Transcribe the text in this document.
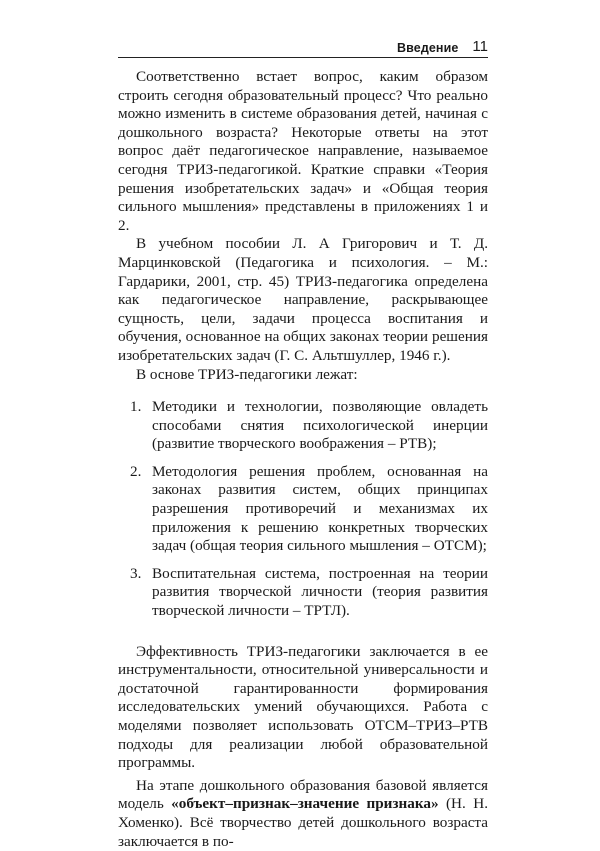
Введение 11

Соответственно встает вопрос, каким образом строить сегодня образовательный процесс? Что реально можно изменить в системе образования детей, начиная с дошкольного возраста? Некоторые ответы на этот вопрос даёт педагогическое направление, называемое сегодня ТРИЗ-педагогикой. Краткие справки «Теория решения изобретательских задач» и «Общая теория сильного мышления» представлены в приложениях 1 и 2.

В учебном пособии Л. А Григорович и Т. Д. Марцинковской (Педагогика и психология. – М.: Гардарики, 2001, стр. 45) ТРИЗ-педагогика определена как педагогическое направление, раскрывающее сущность, цели, задачи процесса воспитания и обучения, основанное на общих законах теории решения изобретательских задач (Г. С. Альтшуллер, 1946 г.).

В основе ТРИЗ-педагогики лежат:

1. Методики и технологии, позволяющие овладеть способами снятия психологической инерции (развитие творческого воображения – РТВ);
2. Методология решения проблем, основанная на законах развития систем, общих принципах разрешения противоречий и механизмах их приложения к решению конкретных творческих задач (общая теория сильного мышления – ОТСМ);
3. Воспитательная система, построенная на теории развития творческой личности (теория развития творческой личности – ТРТЛ).

Эффективность ТРИЗ-педагогики заключается в ее инструментальности, относительной универсальности и достаточной гарантированности формирования исследовательских умений обучающихся. Работа с моделями позволяет использовать ОТСМ–ТРИЗ–РТВ подходы для реализации любой образовательной программы.

На этапе дошкольного образования базовой является модель «объект–признак–значение признака» (Н. Н. Хоменко). Всё творчество детей дошкольного возраста заключается в по-
